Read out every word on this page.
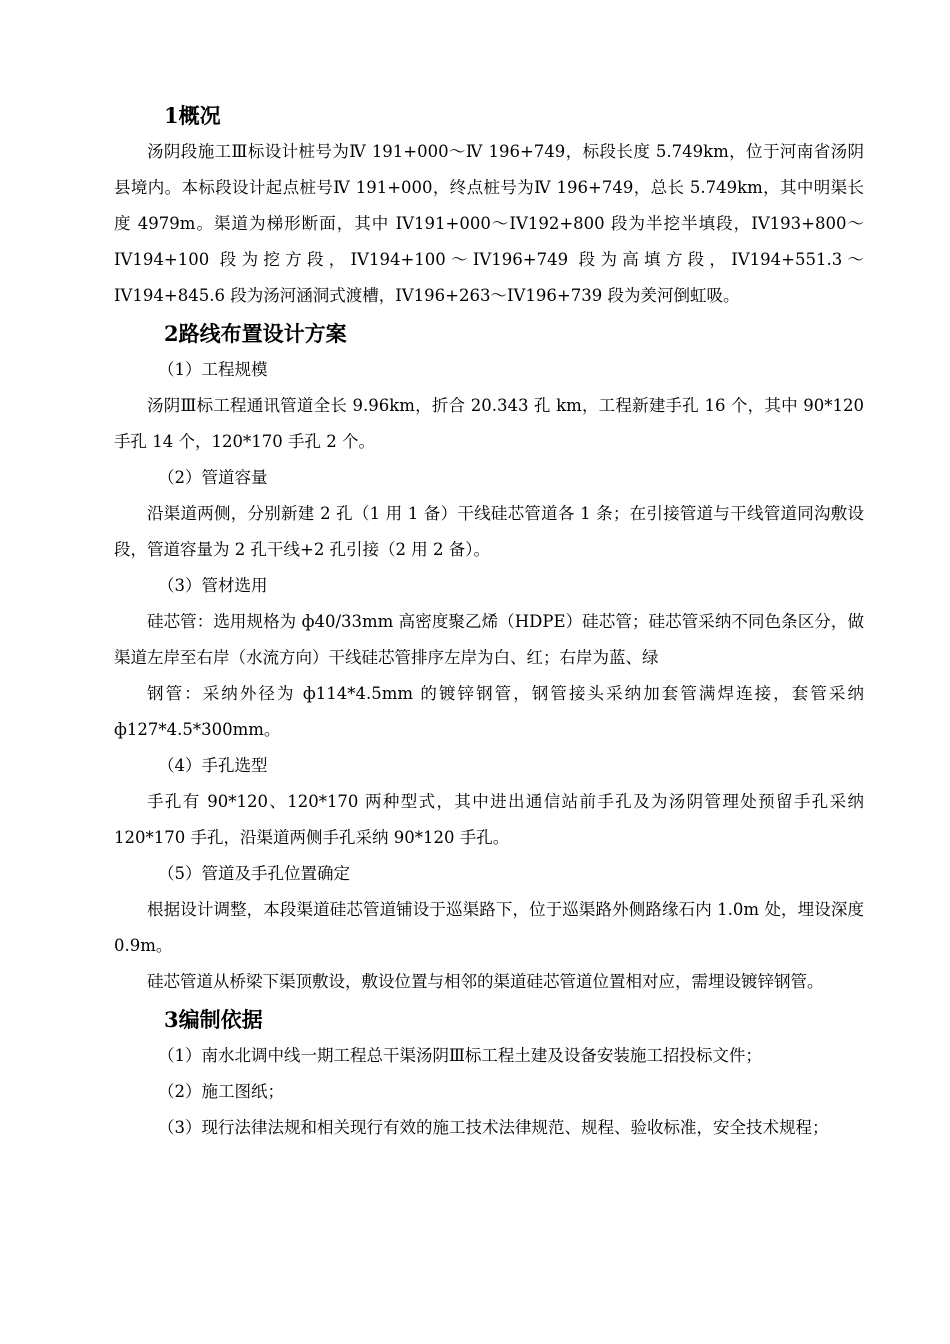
1概况

汤阴段施工Ⅲ标设计桩号为Ⅳ 191+000～Ⅳ 196+749，标段长度 5.749km，位于河南省汤阴县境内。本标段设计起点桩号Ⅳ 191+000，终点桩号为Ⅳ 196+749，总长 5.749km，其中明渠长度 4979m。渠道为梯形断面，其中 IV191+000～IV192+800 段为半挖半填段，IV193+800～IV194+100 段为挖方段，IV194+100～IV196+749 段为高填方段，IV194+551.3～IV194+845.6 段为汤河涵洞式渡槽，IV196+263～IV196+739 段为羑河倒虹吸。

2路线布置设计方案

（1）工程规模

汤阴Ⅲ标工程通讯管道全长 9.96km，折合 20.343 孔 km，工程新建手孔 16 个，其中 90*120 手孔 14 个，120*170 手孔 2 个。

（2）管道容量

沿渠道两侧，分别新建 2 孔（1 用 1 备）干线硅芯管道各 1 条；在引接管道与干线管道同沟敷设段，管道容量为 2 孔干线+2 孔引接（2 用 2 备）。

（3）管材选用

硅芯管：选用规格为 ф40/33mm 高密度聚乙烯（HDPE）硅芯管；硅芯管采纳不同色条区分，做渠道左岸至右岸（水流方向）干线硅芯管排序左岸为白、红；右岸为蓝、绿

钢管：采纳外径为 ф114*4.5mm 的镀锌钢管，钢管接头采纳加套管满焊连接，套管采纳 ф127*4.5*300mm。

（4）手孔选型

手孔有 90*120、120*170 两种型式，其中进出通信站前手孔及为汤阴管理处预留手孔采纳 120*170 手孔，沿渠道两侧手孔采纳 90*120 手孔。

（5）管道及手孔位置确定

根据设计调整，本段渠道硅芯管道铺设于巡渠路下，位于巡渠路外侧路缘石内 1.0m 处，埋设深度 0.9m。

硅芯管道从桥梁下渠顶敷设，敷设位置与相邻的渠道硅芯管道位置相对应，需埋设镀锌钢管。

3编制依据

（1）南水北调中线一期工程总干渠汤阴Ⅲ标工程土建及设备安装施工招投标文件；

（2）施工图纸；

（3）现行法律法规和相关现行有效的施工技术法律规范、规程、验收标准，安全技术规程；
